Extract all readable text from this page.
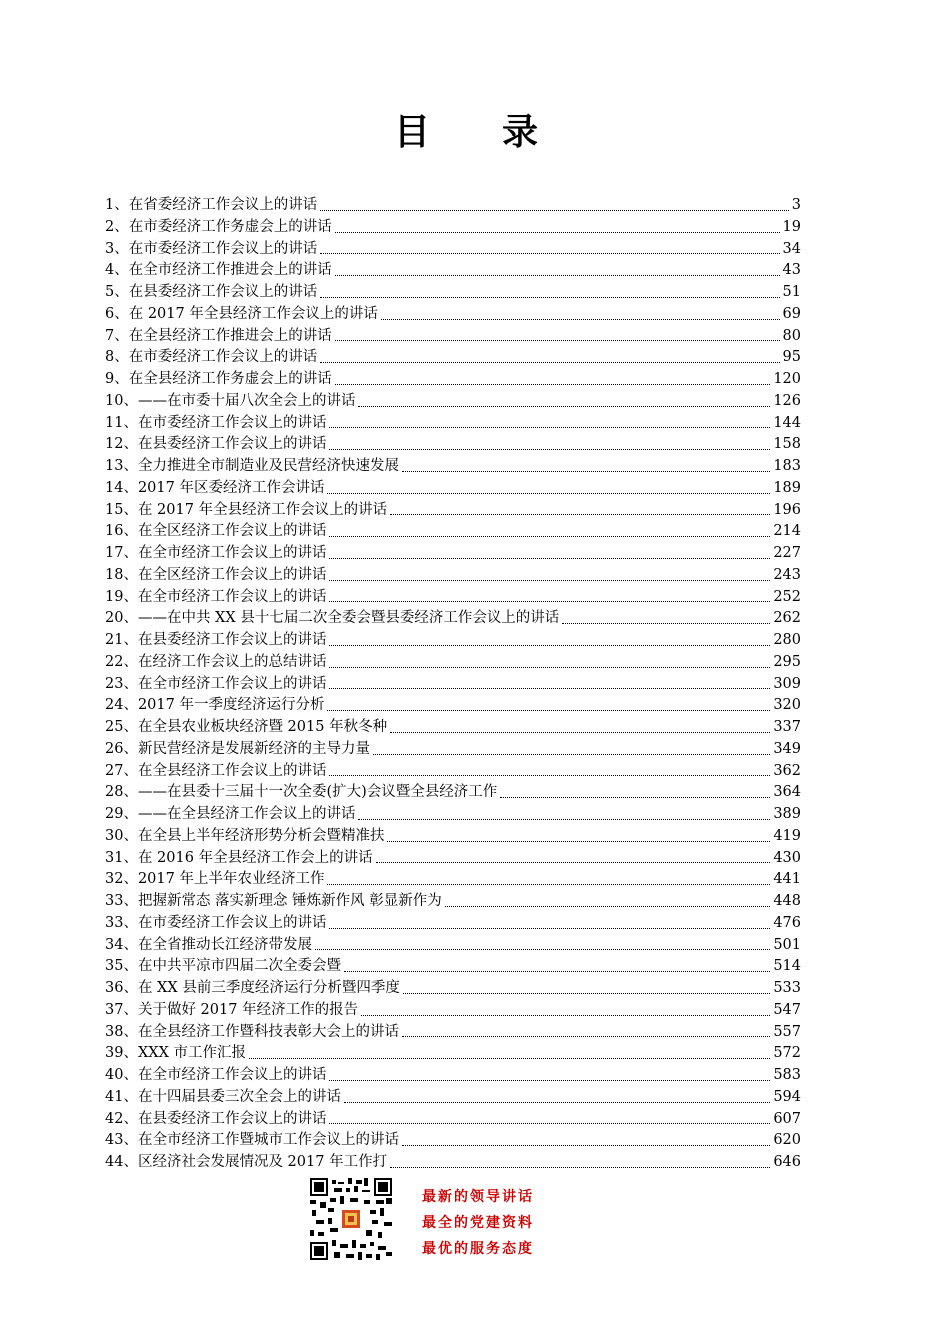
目　录
1、在省委经济工作会议上的讲话	3
2、在市委经济工作务虚会上的讲话	19
3、在市委经济工作会议上的讲话	34
4、在全市经济工作推进会上的讲话	43
5、在县委经济工作会议上的讲话	51
6、在 2017 年全县经济工作会议上的讲话	69
7、在全县经济工作推进会上的讲话	80
8、在市委经济工作会议上的讲话	95
9、在全县经济工作务虚会上的讲话	120
10、——在市委十届八次全会上的讲话	126
11、在市委经济工作会议上的讲话	144
12、在县委经济工作会议上的讲话	158
13、全力推进全市制造业及民营经济快速发展	183
14、2017 年区委经济工作会讲话	189
15、在 2017 年全县经济工作会议上的讲话	196
16、在全区经济工作会议上的讲话	214
17、在全市经济工作会议上的讲话	227
18、在全区经济工作会议上的讲话	243
19、在全市经济工作会议上的讲话	252
20、——在中共 XX 县十七届二次全委会暨县委经济工作会议上的讲话	262
21、在县委经济工作会议上的讲话	280
22、在经济工作会议上的总结讲话	295
23、在全市经济工作会议上的讲话	309
24、2017 年一季度经济运行分析	320
25、在全县农业板块经济暨 2015 年秋冬种	337
26、新民营经济是发展新经济的主导力量	349
27、在全县经济工作会议上的讲话	362
28、——在县委十三届十一次全委(扩大)会议暨全县经济工作	364
29、——在全县经济工作会议上的讲话	389
30、在全县上半年经济形势分析会暨精准扶	419
31、在 2016 年全县经济工作会上的讲话	430
32、2017 年上半年农业经济工作	441
33、把握新常态 落实新理念 锤炼新作风 彰显新作为	448
33、在市委经济工作会议上的讲话	476
34、在全省推动长江经济带发展	501
35、在中共平凉市四届二次全委会暨	514
36、在 XX 县前三季度经济运行分析暨四季度	533
37、关于做好 2017 年经济工作的报告	547
38、在全县经济工作暨科技表彰大会上的讲话	557
39、XXX 市工作汇报	572
40、在全市经济工作会议上的讲话	583
41、在十四届县委三次全会上的讲话	594
42、在县委经济工作会议上的讲话	607
43、在全市经济工作暨城市工作会议上的讲话	620
44、区经济社会发展情况及 2017 年工作打	646
最新的领导讲话
最全的党建资料
最优的服务态度
